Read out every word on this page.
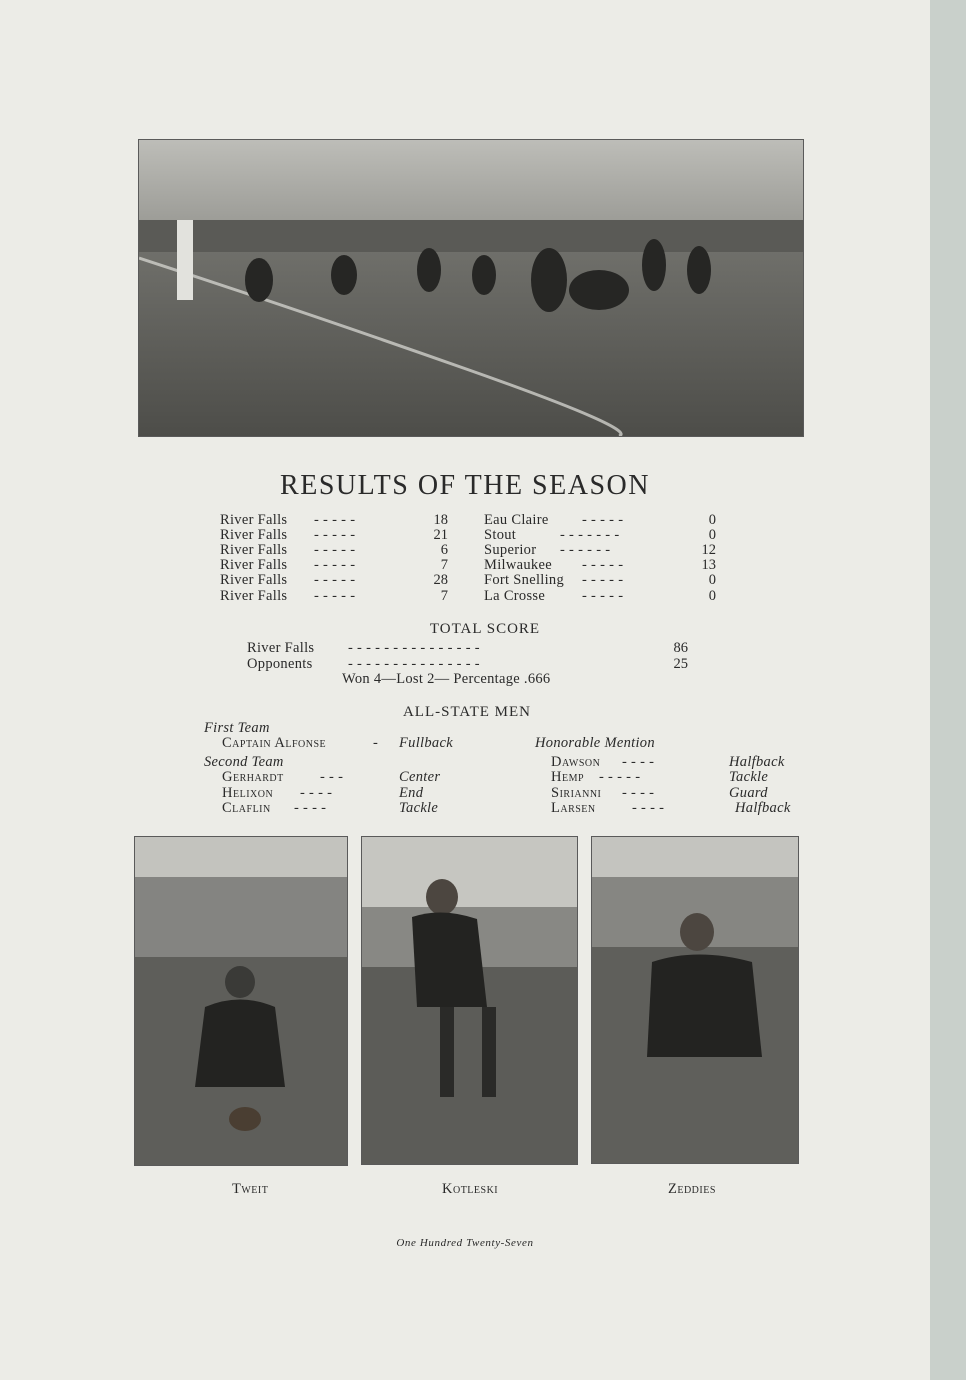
RESULTS OF THE SEASON
River Falls - - - - -	18 Eau Claire - - - - -	0
River Falls - - - - -	21 Stout	- - - - - - -	0
River Falls - - - - -	6 Superior - - - - - -	12
River Falls - - - - -	7 Milwaukee - - - - -	13
River Falls - - - - -	28 Fort Snelling - - - - -	0
River Falls - - - - -	7 La Crosse	- - - - -	0
TOTAL SCORE
River Falls - - - - - - - - - - - - - - -	86
Opponents - - - - - - - - - - - - - - -	25
Won 4—Lost 2— Percentage .666
ALL-STATE MEN
First Team
Captain Alfonse	- Fullback
Second Team
Gerhardt	- - -	Center
Helixon - - - -	End
Claflin - - - -	Tackle
Honorable Mention
Dawson - - - -	Halfback
Hemp - - - - -	Tackle
Sirianni - - - -	Guard
Larsen	- - - -	Halfback
Tweit	Kotleski	Zeddies
One Hundred Twenty-Seven
